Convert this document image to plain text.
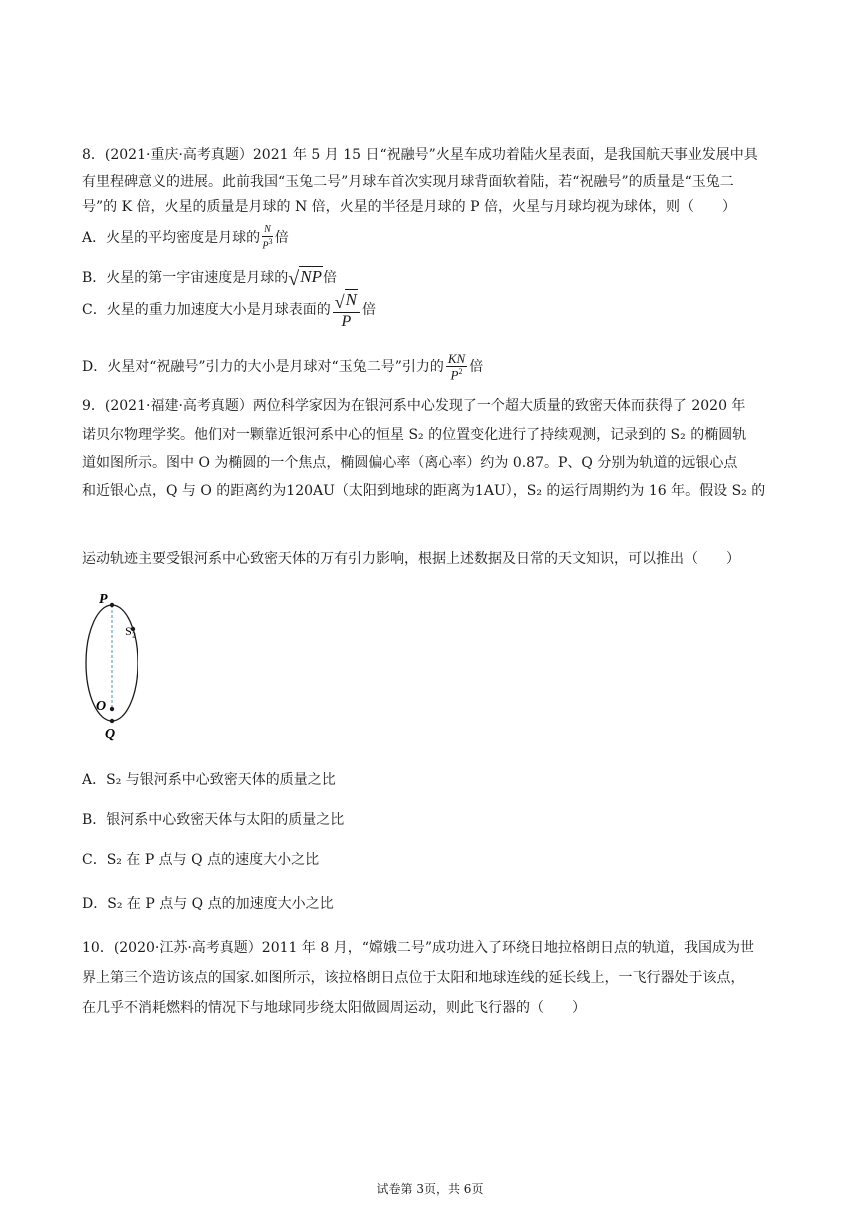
8．(2021·重庆·高考真题）2021 年 5 月 15 日“祝融号”火星车成功着陆火星表面，是我国航天事业发展中具
有里程碑意义的进展。此前我国“玉兔二号”月球车首次实现月球背面软着陆，若“祝融号”的质量是“玉兔二
号”的 K 倍，火星的质量是月球的 N 倍，火星的半径是月球的 P 倍，火星与月球均视为球体，则（　　）
A．火星的平均密度是月球的 $\frac{N}{P^3}$ 倍
B．火星的第一宇宙速度是月球的√NP倍
C．火星的重力加速度大小是月球表面的 $\frac{√N}{P}$ 倍
D．火星对“祝融号”引力的大小是月球对“玉兔二号”引力的 $\frac{KN}{P^2}$ 倍
9．(2021·福建·高考真题）两位科学家因为在银河系中心发现了一个超大质量的致密天体而获得了 2020 年
诺贝尔物理学奖。他们对一颗靠近银河系中心的恒星 S₂ 的位置变化进行了持续观测，记录到的 S₂ 的椭圆轨
道如图所示。图中 O 为椭圆的一个焦点，椭圆偏心率（离心率）约为 0.87。P、Q 分别为轨道的远银心点
和近银心点，Q 与 O 的距离约为120AU（太阳到地球的距离为1AU），S₂ 的运行周期约为 16 年。假设 S₂ 的
运动轨迹主要受银河系中心致密天体的万有引力影响，根据上述数据及日常的天文知识，可以推出（　　）
P
S₂
O
Q
A．S₂ 与银河系中心致密天体的质量之比
B．银河系中心致密天体与太阳的质量之比
C．S₂ 在 P 点与 Q 点的速度大小之比
D．S₂ 在 P 点与 Q 点的加速度大小之比
10．(2020·江苏·高考真题）2011 年 8 月，“嫦娥二号”成功进入了环绕日地拉格朗日点的轨道，我国成为世
界上第三个造访该点的国家.如图所示，该拉格朗日点位于太阳和地球连线的延长线上，一飞行器处于该点，
在几乎不消耗燃料的情况下与地球同步绕太阳做圆周运动，则此飞行器的（　　）
试卷第 3页，共 6页
